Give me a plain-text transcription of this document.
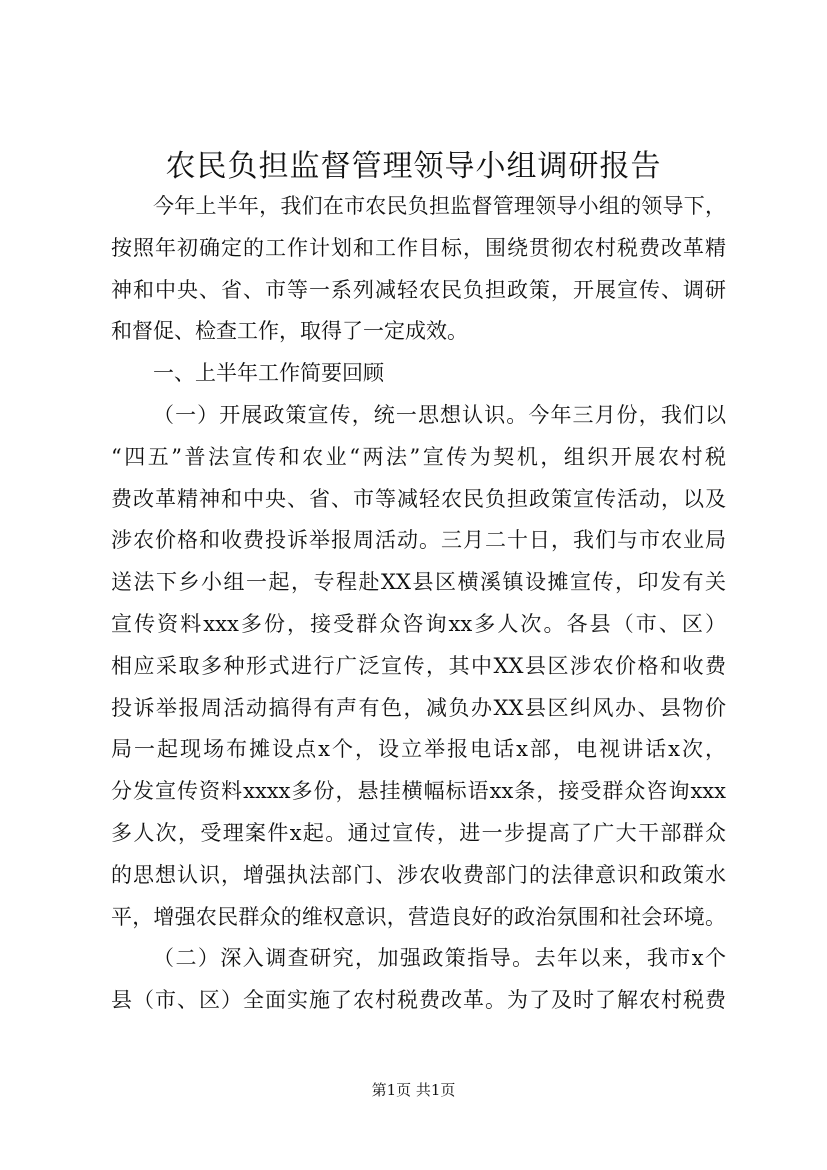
农民负担监督管理领导小组调研报告
今年上半年，我们在市农民负担监督管理领导小组的领导下，
按照年初确定的工作计划和工作目标，围绕贯彻农村税费改革精
神和中央、省、市等一系列减轻农民负担政策，开展宣传、调研
和督促、检查工作，取得了一定成效。
一、上半年工作简要回顾
（一）开展政策宣传，统一思想认识。今年三月份，我们以
“四五”普法宣传和农业“两法”宣传为契机，组织开展农村税
费改革精神和中央、省、市等减轻农民负担政策宣传活动，以及
涉农价格和收费投诉举报周活动。三月二十日，我们与市农业局
送法下乡小组一起，专程赴XX县区横溪镇设摊宣传，印发有关
宣传资料xxx多份，接受群众咨询xx多人次。各县（市、区）
相应采取多种形式进行广泛宣传，其中XX县区涉农价格和收费
投诉举报周活动搞得有声有色，减负办XX县区纠风办、县物价
局一起现场布摊设点x个，设立举报电话x部，电视讲话x次，
分发宣传资料xxxx多份，悬挂横幅标语xx条，接受群众咨询xxx
多人次，受理案件x起。通过宣传，进一步提高了广大干部群众
的思想认识，增强执法部门、涉农收费部门的法律意识和政策水
平，增强农民群众的维权意识，营造良好的政治氛围和社会环境。
（二）深入调查研究，加强政策指导。去年以来，我市x个
县（市、区）全面实施了农村税费改革。为了及时了解农村税费
第1页 共1页
